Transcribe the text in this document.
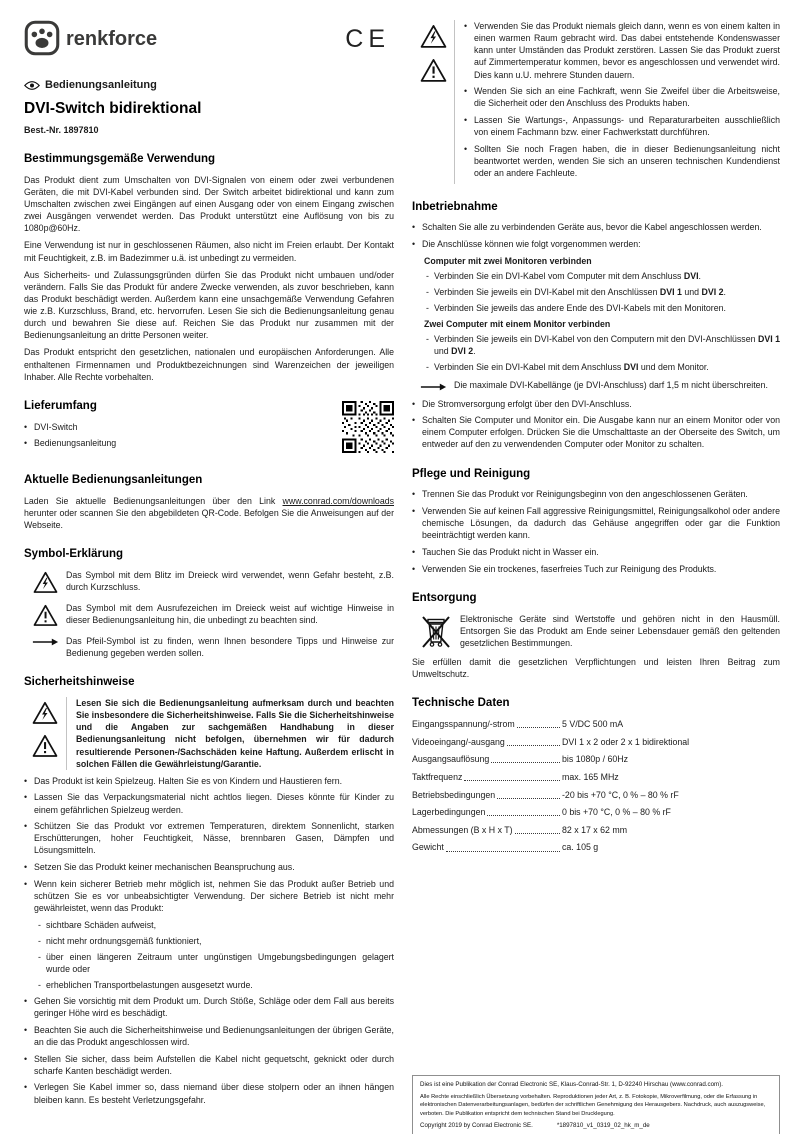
renkforce	CE
Bedienungsanleitung
DVI-Switch bidirektional
Best.-Nr. 1897810
Bestimmungsgemäße Verwendung

Das Produkt dient zum Umschalten von DVI-Signalen von einem oder zwei verbundenen Geräten, die mit DVI-Kabel verbunden sind. Der Switch arbeitet bidirektional und kann zum Umschalten zwischen zwei Eingängen auf einen Ausgang oder von einem Eingang zwischen zwei Ausgängen verwendet werden. Das Produkt unterstützt eine Auflösung von bis zu 1080p@60Hz.

Eine Verwendung ist nur in geschlossenen Räumen, also nicht im Freien erlaubt. Der Kontakt mit Feuchtigkeit, z.B. im Badezimmer u.ä. ist unbedingt zu vermeiden.

Aus Sicherheits- und Zulassungsgründen dürfen Sie das Produkt nicht umbauen und/oder verändern. Falls Sie das Produkt für andere Zwecke verwenden, als zuvor beschrieben, kann das Produkt beschädigt werden. Außerdem kann eine unsachgemäße Verwendung Gefahren wie z.B. Kurzschluss, Brand, etc. hervorrufen. Lesen Sie sich die Bedienungsanleitung genau durch und bewahren Sie diese auf. Reichen Sie das Produkt nur zusammen mit der Bedienungsanleitung an dritte Personen weiter.

Das Produkt entspricht den gesetzlichen, nationalen und europäischen Anforderungen. Alle enthaltenen Firmennamen und Produktbezeichnungen sind Warenzeichen der jeweiligen Inhaber. Alle Rechte vorbehalten.

Lieferumfang
• DVI-Switch
• Bedienungsanleitung
Aktuelle Bedienungsanleitungen

Laden Sie aktuelle Bedienungsanleitungen über den Link www.conrad.com/downloads herunter oder scannen Sie den abgebildeten QR-Code. Befolgen Sie die Anweisungen auf der Webseite.

Symbol-Erklärung
Das Symbol mit dem Blitz im Dreieck wird verwendet, wenn Gefahr besteht, z.B. durch Kurzschluss.
Das Symbol mit dem Ausrufezeichen im Dreieck weist auf wichtige Hinweise in dieser Bedienungsanleitung hin, die unbedingt zu beachten sind.
Das Pfeil-Symbol ist zu finden, wenn Ihnen besondere Tipps und Hinweise zur Bedienung gegeben werden sollen.
Sicherheitshinweise
Lesen Sie sich die Bedienungsanleitung aufmerksam durch und beachten Sie insbesondere die Sicherheitshinweise. Falls Sie die Sicherheitshinweise und die Angaben zur sachgemäßen Handhabung in dieser Bedienungsanleitung nicht befolgen, übernehmen wir für dadurch resultierende Personen-/Sachschäden keine Haftung. Außerdem erlischt in solchen Fällen die Gewährleistung/Garantie.
• Das Produkt ist kein Spielzeug. Halten Sie es von Kindern und Haustieren fern.
• Lassen Sie das Verpackungsmaterial nicht achtlos liegen. Dieses könnte für Kinder zu einem gefährlichen Spielzeug werden.
• Schützen Sie das Produkt vor extremen Temperaturen, direktem Sonnenlicht, starken Erschütterungen, hoher Feuchtigkeit, Nässe, brennbaren Gasen, Dämpfen und Lösungsmitteln.
• Setzen Sie das Produkt keiner mechanischen Beanspruchung aus.
• Wenn kein sicherer Betrieb mehr möglich ist, nehmen Sie das Produkt außer Betrieb und schützen Sie es vor unbeabsichtigter Verwendung. Der sichere Betrieb ist nicht mehr gewährleistet, wenn das Produkt:
- sichtbare Schäden aufweist,
- nicht mehr ordnungsgemäß funktioniert,
- über einen längeren Zeitraum unter ungünstigen Umgebungsbedingungen gelagert wurde oder
- erheblichen Transportbelastungen ausgesetzt wurde.
• Gehen Sie vorsichtig mit dem Produkt um. Durch Stöße, Schläge oder dem Fall aus bereits geringer Höhe wird es beschädigt.
• Beachten Sie auch die Sicherheitshinweise und Bedienungsanleitungen der übrigen Geräte, an die das Produkt angeschlossen wird.
• Stellen Sie sicher, dass beim Aufstellen die Kabel nicht gequetscht, geknickt oder durch scharfe Kanten beschädigt werden.
• Verlegen Sie Kabel immer so, dass niemand über diese stolpern oder an ihnen hängen bleiben kann. Es besteht Verletzungsgefahr.
• Verwenden Sie das Produkt niemals gleich dann, wenn es von einem kalten in einen warmen Raum gebracht wird. Das dabei entstehende Kondenswasser kann unter Umständen das Produkt zerstören. Lassen Sie das Produkt zuerst auf Zimmertemperatur kommen, bevor es angeschlossen und verwendet wird. Dies kann u.U. mehrere Stunden dauern.
• Wenden Sie sich an eine Fachkraft, wenn Sie Zweifel über die Arbeitsweise, die Sicherheit oder den Anschluss des Produkts haben.
• Lassen Sie Wartungs-, Anpassungs- und Reparaturarbeiten ausschließlich von einem Fachmann bzw. einer Fachwerkstatt durchführen.
• Sollten Sie noch Fragen haben, die in dieser Bedienungsanleitung nicht beantwortet werden, wenden Sie sich an unseren technischen Kundendienst oder an andere Fachleute.
Inbetriebnahme
• Schalten Sie alle zu verbindenden Geräte aus, bevor die Kabel angeschlossen werden.
• Die Anschlüsse können wie folgt vorgenommen werden:
Computer mit zwei Monitoren verbinden
- Verbinden Sie ein DVI-Kabel vom Computer mit dem Anschluss DVI.
- Verbinden Sie jeweils ein DVI-Kabel mit den Anschlüssen DVI 1 und DVI 2.
- Verbinden Sie jeweils das andere Ende des DVI-Kabels mit den Monitoren.
Zwei Computer mit einem Monitor verbinden
- Verbinden Sie jeweils ein DVI-Kabel von den Computern mit den DVI-Anschlüssen DVI 1 und DVI 2.
- Verbinden Sie ein DVI-Kabel mit dem Anschluss DVI und dem Monitor.
Die maximale DVI-Kabellänge (je DVI-Anschluss) darf 1,5 m nicht überschreiten.
• Die Stromversorgung erfolgt über den DVI-Anschluss.
• Schalten Sie Computer und Monitor ein. Die Ausgabe kann nur an einem Monitor oder von einem Computer erfolgen. Drücken Sie die Umschalttaste an der Oberseite des Switch, um entweder auf den zu verwendenden Computer oder Monitor zu schalten.
Pflege und Reinigung
• Trennen Sie das Produkt vor Reinigungsbeginn von den angeschlossenen Geräten.
• Verwenden Sie auf keinen Fall aggressive Reinigungsmittel, Reinigungsalkohol oder andere chemische Lösungen, da dadurch das Gehäuse angegriffen oder gar die Funktion beeinträchtigt werden kann.
• Tauchen Sie das Produkt nicht in Wasser ein.
• Verwenden Sie ein trockenes, faserfreies Tuch zur Reinigung des Produkts.
Entsorgung
Elektronische Geräte sind Wertstoffe und gehören nicht in den Hausmüll. Entsorgen Sie das Produkt am Ende seiner Lebensdauer gemäß den geltenden gesetzlichen Bestimmungen.

Sie erfüllen damit die gesetzlichen Verpflichtungen und leisten Ihren Beitrag zum Umweltschutz.

Technische Daten
Eingangsspannung/-strom	5 V/DC 500 mA
Videoeingang/-ausgang	DVI 1 x 2 oder 2 x 1 bidirektional
Ausgangsauflösung	bis 1080p / 60Hz
Taktfrequenz	max. 165 MHz
Betriebsbedingungen	-20 bis +70 °C, 0 % – 80 % rF
Lagerbedingungen	0 bis +70 °C, 0 % – 80 % rF
Abmessungen (B x H x T)	82 x 17 x 62 mm
Gewicht	ca. 105 g
Dies ist eine Publikation der Conrad Electronic SE, Klaus-Conrad-Str. 1, D-92240 Hirschau (www.conrad.com).
Alle Rechte einschließlich Übersetzung vorbehalten. Reproduktionen jeder Art, z. B. Fotokopie, Mikroverfilmung, oder die Erfassung in elektronischen Datenverarbeitungsanlagen, bedürfen der schriftlichen Genehmigung des Herausgebers. Nachdruck, auch auszugsweise, verboten. Die Publikation entspricht dem technischen Stand bei Drucklegung.
Copyright 2019 by Conrad Electronic SE.	*1897810_v1_0319_02_hk_m_de
